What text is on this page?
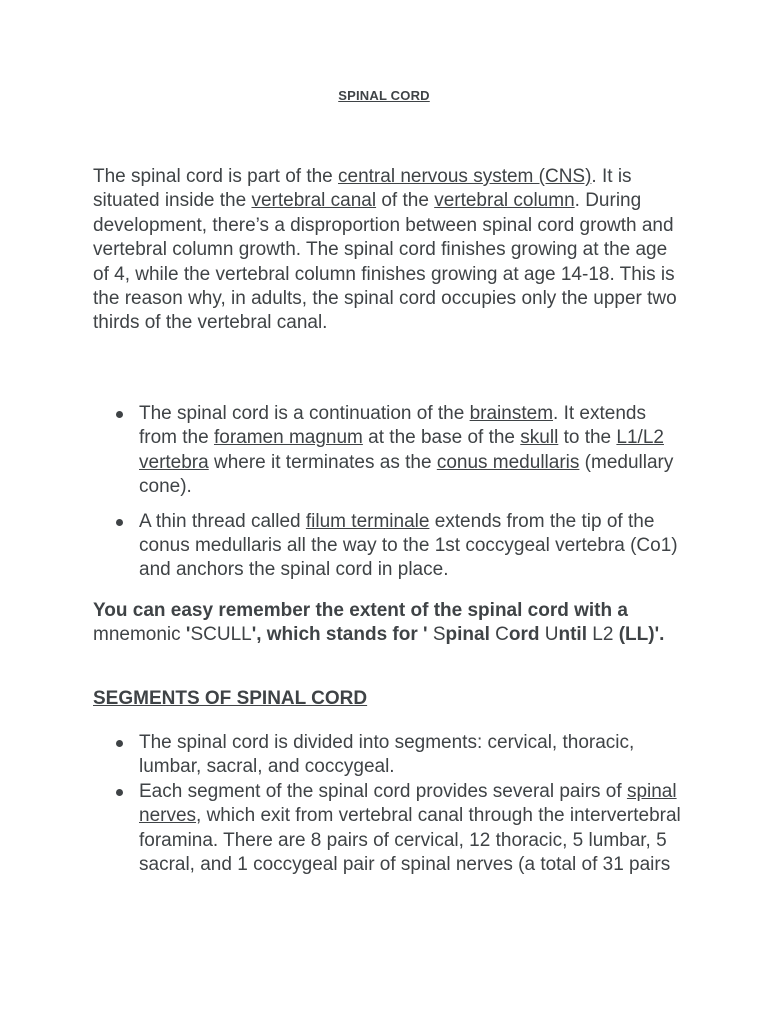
SPINAL CORD

The spinal cord is part of the central nervous system (CNS). It is situated inside the vertebral canal of the vertebral column. During development, there’s a disproportion between spinal cord growth and vertebral column growth. The spinal cord finishes growing at the age of 4, while the vertebral column finishes growing at age 14-18. This is the reason why, in adults, the spinal cord occupies only the upper two thirds of the vertebral canal.

The spinal cord is a continuation of the brainstem. It extends from the foramen magnum at the base of the skull to the L1/L2 vertebra where it terminates as the conus medullaris (medullary cone).
A thin thread called filum terminale extends from the tip of the conus medullaris all the way to the 1st coccygeal vertebra (Co1) and anchors the spinal cord in place.

You can easy remember the extent of the spinal cord with a mnemonic 'SCULL', which stands for ' Spinal Cord Until L2 (LL)'.

SEGMENTS OF SPINAL CORD
The spinal cord is divided into segments: cervical, thoracic, lumbar, sacral, and coccygeal.
Each segment of the spinal cord provides several pairs of spinal nerves, which exit from vertebral canal through the intervertebral foramina. There are 8 pairs of cervical, 12 thoracic, 5 lumbar, 5 sacral, and 1 coccygeal pair of spinal nerves (a total of 31 pairs
